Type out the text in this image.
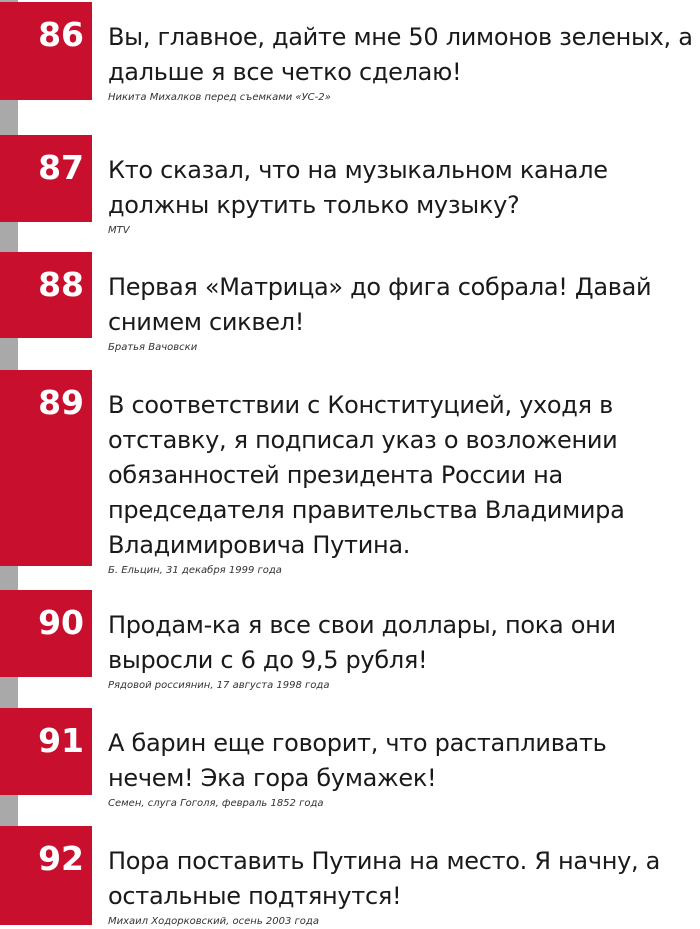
86	Вы, главное, дайте мне 50 лимонов зеленых, а дальше я все четко сделаю!

Никита Михалков перед съемками «УС-2»

87	Кто сказал, что на музыкальном канале должны крутить только музыку?

MTV

88	Первая «Матрица» до фига собрала! Давай снимем сиквел!

Братья Вачовски

89	В соответствии с Конституцией, уходя в отставку, я подписал указ о возложении обязанностей президента России на председателя правительства Владимира Владимировича Путина.

Б. Ельцин, 31 декабря 1999 года

90	Продам-ка я все свои доллары, пока они выросли с 6 до 9,5 рубля!

Рядовой россиянин, 17 августа 1998 года

91	А барин еще говорит, что растапливать нечем! Эка гора бумажек!

Семен, слуга Гоголя, февраль 1852 года

92	Пора поставить Путина на место. Я начну, а остальные подтянутся!

Михаил Ходорковский, осень 2003 года
